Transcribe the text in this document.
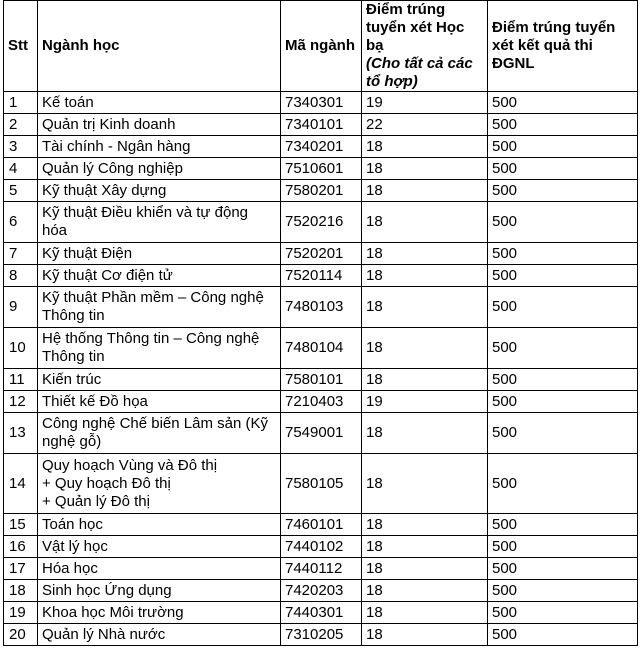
Stt	Ngành học	Mã ngành	Điểm trúng
tuyển xét Học bạ
(Cho tất cả các
tổ hợp)	Điểm trúng tuyển
xét kết quả thi
ĐGNL

1	Kế toán	7340301	19	500
2	Quản trị Kinh doanh	7340101	22	500
3	Tài chính - Ngân hàng	7340201	18	500
4	Quản lý Công nghiệp	7510601	18	500
5	Kỹ thuật Xây dựng	7580201	18	500
6	Kỹ thuật Điều khiển và tự động
hóa	7520216	18	500
7	Kỹ thuật Điện	7520201	18	500
8	Kỹ thuật Cơ điện tử	7520114	18	500
9	Kỹ thuật Phần mềm – Công nghệ
Thông tin	7480103	18	500
10	Hệ thống Thông tin – Công nghệ
Thông tin	7480104	18	500
11	Kiến trúc	7580101	18	500
12	Thiết kế Đồ họa	7210403	19	500
13	Công nghệ Chế biến Lâm sản (Kỹ
nghệ gỗ)	7549001	18	500
14	Quy hoạch Vùng và Đô thị
+ Quy hoạch Đô thị
+ Quản lý Đô thị	7580105	18	500
15	Toán học	7460101	18	500
16	Vật lý học	7440102	18	500
17	Hóa học	7440112	18	500
18	Sinh học Ứng dụng	7420203	18	500
19	Khoa học Môi trường	7440301	18	500
20	Quản lý Nhà nước	7310205	18	500
